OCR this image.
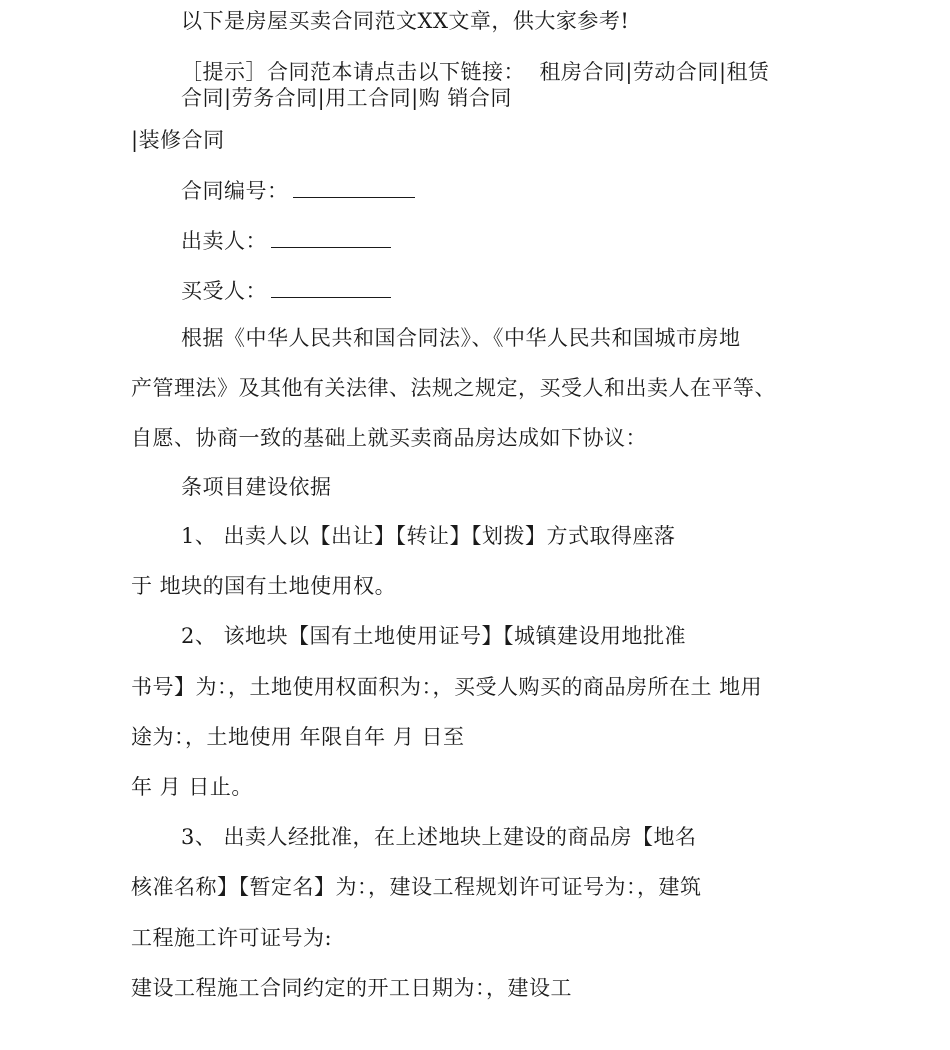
以下是房屋买卖合同范文XX文章，供大家参考!
［提示］合同范本请点击以下链接：  租房合同|劳动合同|租赁
合同|劳务合同|用工合同|购 销合同
|装修合同
合同编号：
出卖人：
买受人：
根据《中华人民共和国合同法》、《中华人民共和国城市房地
产管理法》及其他有关法律、法规之规定，买受人和出卖人在平等、
自愿、协商一致的基础上就买卖商品房达成如下协议：
条项目建设依据
1、 出卖人以【出让】【转让】【划拨】方式取得座落
于 地块的国有土地使用权。
2、 该地块【国有土地使用证号】【城镇建设用地批准
书号】为：，土地使用权面积为：，买受人购买的商品房所在土 地用
途为：，土地使用 年限自年 月 日至
年 月 日止。
3、 出卖人经批准，在上述地块上建设的商品房【地名
核准名称】【暂定名】为：，建设工程规划许可证号为：，建筑
工程施工许可证号为:
建设工程施工合同约定的开工日期为：，建设工
